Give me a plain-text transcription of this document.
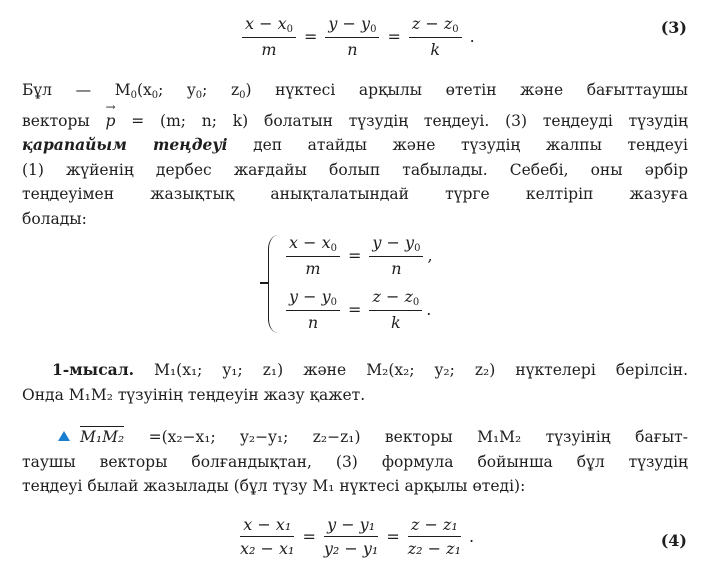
$\frac{x - x_0}{m} = \frac{y - y_0}{n} = \frac{z - z_0}{k}$ .	(3)
Бұл — $M_0(x_0$; $y_0$; $z_0$) нүктесі арқылы өтетін және бағыттаушы
векторы → p = (m; n; k) болатын түзудің теңдеуі. (3) теңдеуді түзудің
қарапайым теңдеуі деп атайды және түзудің жалпы теңдеуі
(1) жүйенің дербес жағдайы болып табылады. Себебі, оны әрбір
теңдеуімен жазықтық анықталатындай түрге келтіріп жазуға
болады:
$\frac{x - x_0}{m} = \frac{y - y_0}{n}$ ,
$\frac{y - y_0}{n} = \frac{z - z_0}{k}$ .
1-мысал. M₁(x₁; y₁; z₁) және M₂(x₂; y₂; z₂) нүктелері берілсін.
Онда M₁M₂ түзуінің теңдеуін жазу қажет.
M₁M₂ =(x₂−x₁; y₂−y₁; z₂−z₁) векторы M₁M₂ түзуінің бағыт-
таушы векторы болғандықтан, (3) формула бойынша бұл түзудің
теңдеуі былай жазылады (бұл түзу M₁ нүктесі арқылы өтеді):
$\frac{\text{x − x₁}}{\text{x₂ − x₁}} = \frac{\text{y − y₁}}{\text{y₂ − y₁}} = \frac{\text{z − z₁}}{\text{z₂ − z₁}}$ .	(4)
